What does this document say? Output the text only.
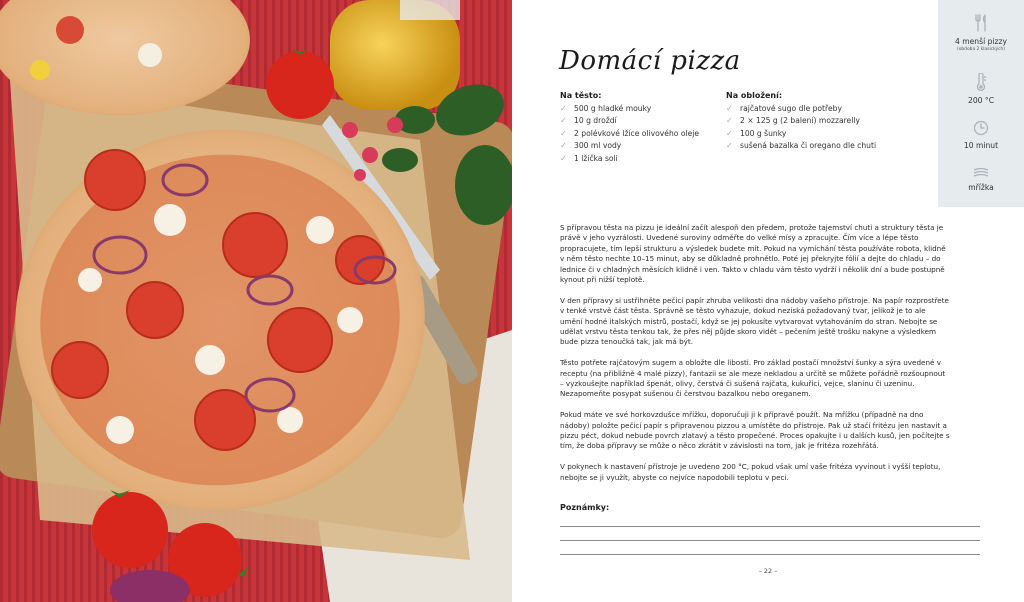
Domácí pizza
Na těsto:
✓ 500 g hladké mouky
✓ 10 g droždí
✓ 2 polévkové lžíce olivového oleje
✓ 300 ml vody
✓ 1 lžička soli
Na obložení:
✓ rajčatové sugo dle potřeby
✓ 2 × 125 g (2 balení) mozzarelly
✓ 100 g šunky
✓ sušená bazalka či oregano dle chuti
4 menší pizzy
(obdoba 2 klasických)
200 °C
10 minut
mřížka

S přípravou těsta na pizzu je ideální začít alespoň den předem, protože tajemství chuti a struktury těsta je právě v jeho vyzrálosti. Uvedené suroviny odměřte do velké mísy a zpracujte. Čím více a lépe těsto propracujete, tím lepší strukturu a výsledek budete mít. Pokud na vymíchání těsta používáte robota, klidně v něm těsto nechte 10–15 minut, aby se důkladně prohnětlo. Poté jej překryjte fólií a dejte do chladu – do lednice či v chladných měsících klidně i ven. Takto v chladu vám těsto vydrží i několik dní a bude postupně kynout při nižší teplotě.

V den přípravy si ustřihněte pečicí papír zhruba velikosti dna nádoby vašeho přístroje. Na papír rozprostřete v tenké vrstvě část těsta. Správně se těsto vyhazuje, dokud nezíská požadovaný tvar, jelikož je to ale umění hodné italských mistrů, postačí, když se jej pokusíte vytvarovat vytahováním do stran. Nebojte se udělat vrstvu těsta tenkou tak, že přes něj půjde skoro vidět – pečením ještě trošku nakyne a výsledkem bude pizza tenoučká tak, jak má být.

Těsto potřete rajčatovým sugem a obložte dle libosti. Pro základ postačí množství šunky a sýra uvedené v receptu (na přibližně 4 malé pizzy), fantazii se ale meze nekladou a určitě se můžete pořádně rozšoupnout – vyzkoušejte například špenát, olivy, čerstvá či sušená rajčata, kukuřici, vejce, slaninu či uzeninu. Nezapomeňte posypat sušenou či čerstvou bazalkou nebo oreganem.

Pokud máte ve své horkovzdušce mřížku, doporučuji ji k přípravě použít. Na mřížku (případně na dno nádoby) položte pečicí papír s připravenou pizzou a umístěte do přístroje. Pak už stačí fritézu jen nastavit a pizzu péct, dokud nebude povrch zlatavý a těsto propečené. Proces opakujte i u dalších kusů, jen počítejte s tím, že doba přípravy se může o něco zkrátit v závislosti na tom, jak je fritéza rozehřátá.

V pokynech k nastavení přístroje je uvedeno 200 °C, pokud však umí vaše fritéza vyvinout i vyšší teplotu, nebojte se ji využít, abyste co nejvíce napodobili teplotu v peci.

Poznámky:
– 22 –
